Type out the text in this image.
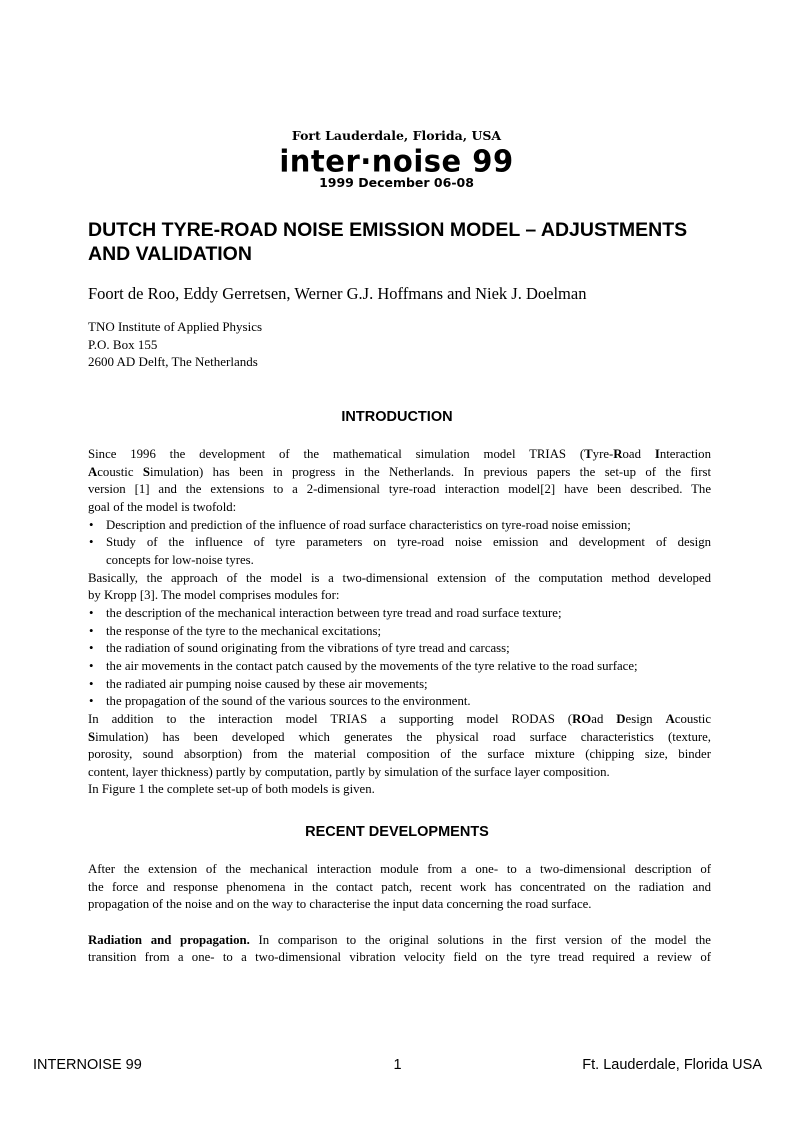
Fort Lauderdale, Florida, USA
inter·noise 99
1999 December 06-08
DUTCH TYRE-ROAD NOISE EMISSION MODEL – ADJUSTMENTS AND VALIDATION
Foort de Roo, Eddy Gerretsen, Werner G.J. Hoffmans and Niek J. Doelman
TNO Institute of Applied Physics
P.O. Box 155
2600 AD Delft, The Netherlands
INTRODUCTION
Since 1996 the development of the mathematical simulation model TRIAS (Tyre-Road Interaction
Acoustic Simulation) has been in progress in the Netherlands. In previous papers the set-up of the first
version [1] and the extensions to a 2-dimensional tyre-road interaction model[2] have been described. The
goal of the model is twofold:
• Description and prediction of the influence of road surface characteristics on tyre-road noise emission;
• Study of the influence of tyre parameters on tyre-road noise emission and development of design
concepts for low-noise tyres.
Basically, the approach of the model is a two-dimensional extension of the computation method developed
by Kropp [3]. The model comprises modules for:
• the description of the mechanical interaction between tyre tread and road surface texture;
• the response of the tyre to the mechanical excitations;
• the radiation of sound originating from the vibrations of tyre tread and carcass;
• the air movements in the contact patch caused by the movements of the tyre relative to the road surface;
• the radiated air pumping noise caused by these air movements;
• the propagation of the sound of the various sources to the environment.
In addition to the interaction model TRIAS a supporting model RODAS (ROad Design Acoustic
Simulation) has been developed which generates the physical road surface characteristics (texture,
porosity, sound absorption) from the material composition of the surface mixture (chipping size, binder
content, layer thickness) partly by computation, partly by simulation of the surface layer composition.
In Figure 1 the complete set-up of both models is given.
RECENT DEVELOPMENTS
After the extension of the mechanical interaction module from a one- to a two-dimensional description of
the force and response phenomena in the contact patch, recent work has concentrated on the radiation and
propagation of the noise and on the way to characterise the input data concerning the road surface.
Radiation and propagation. In comparison to the original solutions in the first version of the model the
transition from a one- to a two-dimensional vibration velocity field on the tyre tread required a review of
INTERNOISE 99	1	Ft. Lauderdale, Florida USA
